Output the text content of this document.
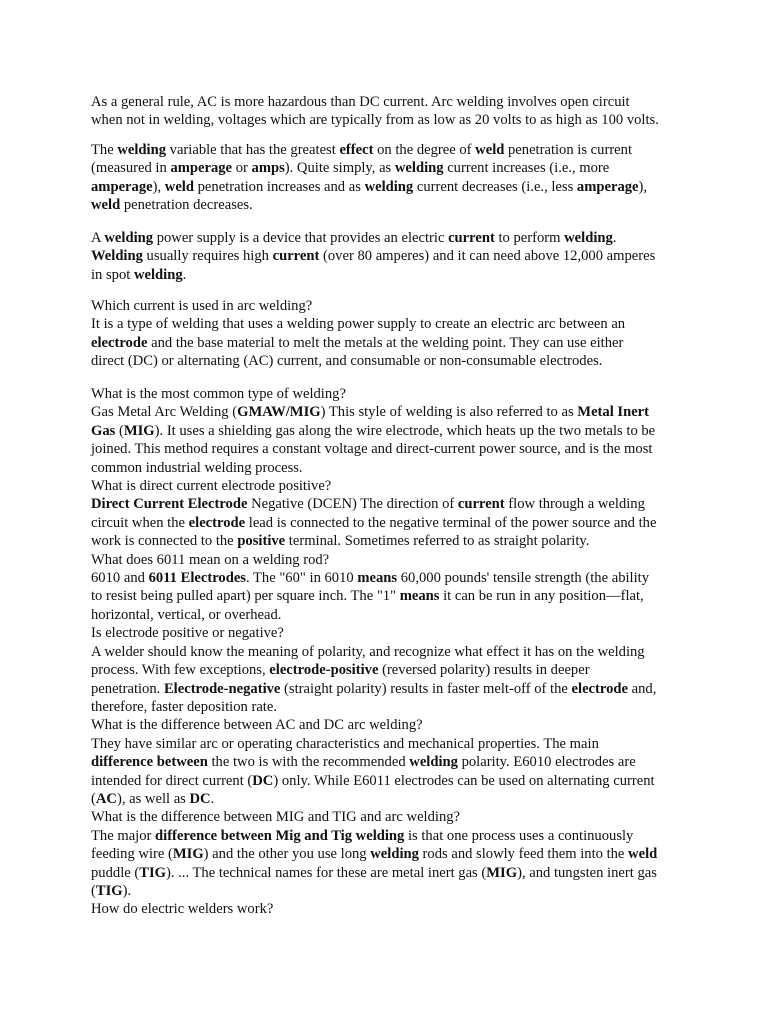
As a general rule, AC is more hazardous than DC current. Arc welding involves open circuit
when not in welding, voltages which are typically from as low as 20 volts to as high as 100 volts.

The welding variable that has the greatest effect on the degree of weld penetration is current
(measured in amperage or amps). Quite simply, as welding current increases (i.e., more
amperage), weld penetration increases and as welding current decreases (i.e., less amperage),
weld penetration decreases.

A welding power supply is a device that provides an electric current to perform welding.
Welding usually requires high current (over 80 amperes) and it can need above 12,000 amperes
in spot welding.

Which current is used in arc welding?
It is a type of welding that uses a welding power supply to create an electric arc between an
electrode and the base material to melt the metals at the welding point. They can use either
direct (DC) or alternating (AC) current, and consumable or non-consumable electrodes.

What is the most common type of welding?
Gas Metal Arc Welding (GMAW/MIG) This style of welding is also referred to as Metal Inert
Gas (MIG). It uses a shielding gas along the wire electrode, which heats up the two metals to be
joined. This method requires a constant voltage and direct-current power source, and is the most
common industrial welding process.
What is direct current electrode positive?
Direct Current Electrode Negative (DCEN) The direction of current flow through a welding
circuit when the electrode lead is connected to the negative terminal of the power source and the
work is connected to the positive terminal. Sometimes referred to as straight polarity.
What does 6011 mean on a welding rod?
6010 and 6011 Electrodes. The "60" in 6010 means 60,000 pounds' tensile strength (the ability
to resist being pulled apart) per square inch. The "1" means it can be run in any position—flat,
horizontal, vertical, or overhead.
Is electrode positive or negative?
A welder should know the meaning of polarity, and recognize what effect it has on the welding
process. With few exceptions, electrode-positive (reversed polarity) results in deeper
penetration. Electrode-negative (straight polarity) results in faster melt-off of the electrode and,
therefore, faster deposition rate.
What is the difference between AC and DC arc welding?
They have similar arc or operating characteristics and mechanical properties. The main
difference between the two is with the recommended welding polarity. E6010 electrodes are
intended for direct current (DC) only. While E6011 electrodes can be used on alternating current
(AC), as well as DC.
What is the difference between MIG and TIG and arc welding?
The major difference between Mig and Tig welding is that one process uses a continuously
feeding wire (MIG) and the other you use long welding rods and slowly feed them into the weld
puddle (TIG). ... The technical names for these are metal inert gas (MIG), and tungsten inert gas
(TIG).
How do electric welders work?
